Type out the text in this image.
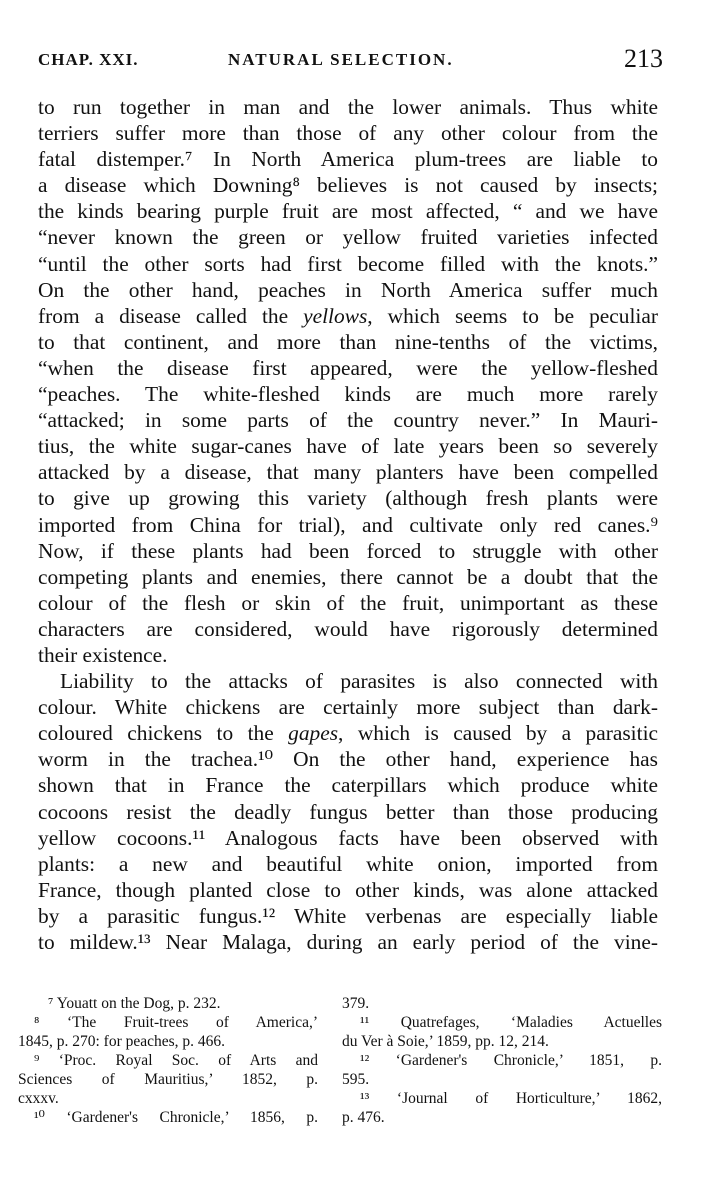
CHAP. XXI.	NATURAL SELECTION.	213
to run together in man and the lower animals. Thus white
terriers suffer more than those of any other colour from the
fatal distemper.⁷ In North America plum-trees are liable to
a disease which Downing⁸ believes is not caused by insects;
the kinds bearing purple fruit are most affected, “ and we have
“never known the green or yellow fruited varieties infected
“until the other sorts had first become filled with the knots.”
On the other hand, peaches in North America suffer much
from a disease called the yellows, which seems to be peculiar
to that continent, and more than nine-tenths of the victims,
“when the disease first appeared, were the yellow-fleshed
“peaches. The white-fleshed kinds are much more rarely
“attacked; in some parts of the country never.” In Mauri-
tius, the white sugar-canes have of late years been so severely
attacked by a disease, that many planters have been compelled
to give up growing this variety (although fresh plants were
imported from China for trial), and cultivate only red canes.⁹
Now, if these plants had been forced to struggle with other
competing plants and enemies, there cannot be a doubt that the
colour of the flesh or skin of the fruit, unimportant as these
characters are considered, would have rigorously determined
their existence.
Liability to the attacks of parasites is also connected with
colour. White chickens are certainly more subject than dark-
coloured chickens to the gapes, which is caused by a parasitic
worm in the trachea.¹⁰ On the other hand, experience has
shown that in France the caterpillars which produce white
cocoons resist the deadly fungus better than those producing
yellow cocoons.¹¹ Analogous facts have been observed with
plants: a new and beautiful white onion, imported from
France, though planted close to other kinds, was alone attacked
by a parasitic fungus.¹² White verbenas are especially liable
to mildew.¹³ Near Malaga, during an early period of the vine-
⁷ Youatt on the Dog, p. 232.
⁸ ‘The Fruit-trees of America,’
1845, p. 270: for peaches, p. 466.
⁹ ‘Proc. Royal Soc. of Arts and
Sciences of Mauritius,’ 1852, p.
cxxxv.
¹⁰ ‘Gardener's Chronicle,’ 1856, p.
379.
¹¹ Quatrefages, ‘Maladies Actuelles
du Ver à Soie,’ 1859, pp. 12, 214.
¹² ‘Gardener's Chronicle,’ 1851, p.
595.
¹³ ‘Journal of Horticulture,’ 1862,
p. 476.
